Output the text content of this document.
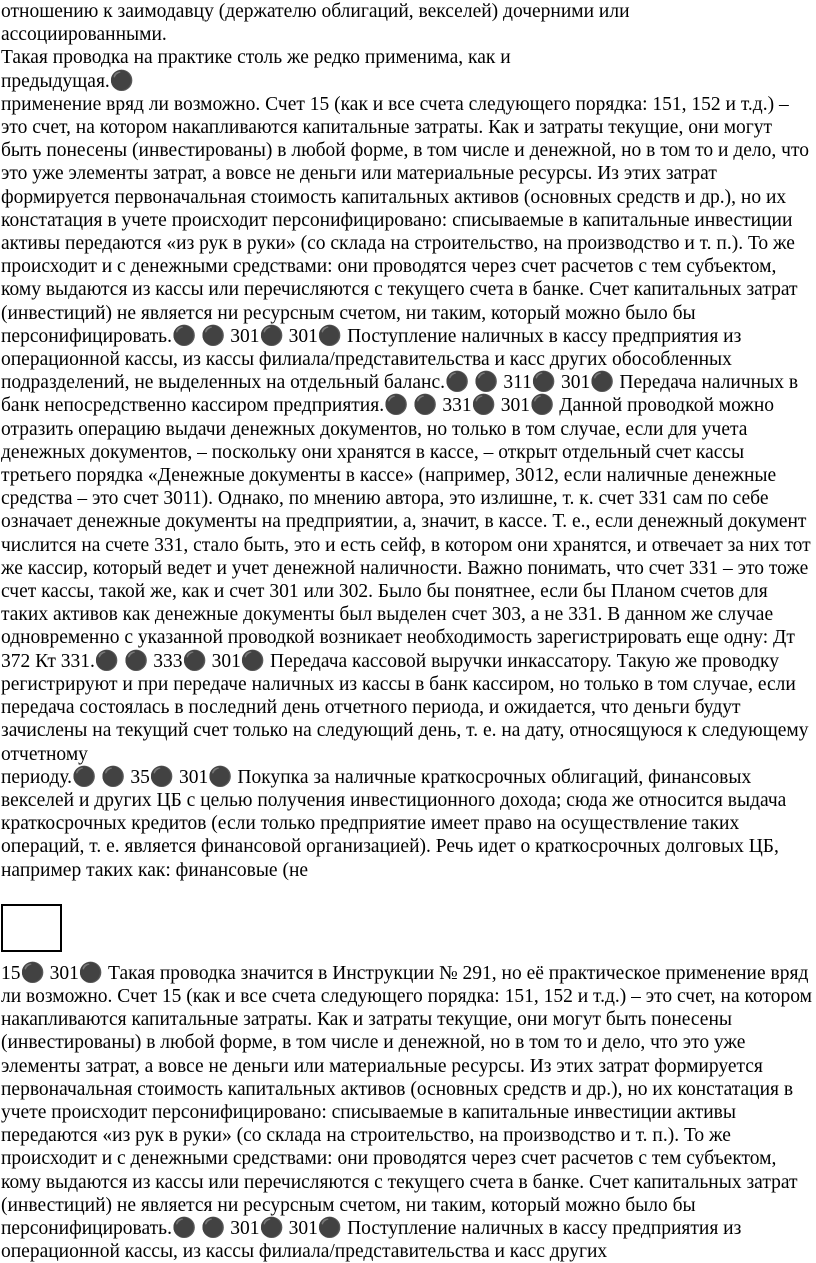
отношению к заимодавцу (держателю облигаций, векселей) дочерними или

ассоциированными.

Такая проводка на практике столь же редко применима, как и

предыдущая.⚫

применение вряд ли возможно. Счет 15 (как и все счета следующего порядка: 151, 152 и т.д.) – это счет, на котором накапливаются капитальные затраты. Как и затраты текущие, они могут быть понесены (инвестированы) в любой форме, в том числе и денежной, но в том то и дело, что это уже элементы затрат, а вовсе не деньги или материальные ресурсы. Из этих затрат формируется первоначальная стоимость капитальных активов (основных средств и др.), но их констатация в учете происходит персонифицировано: списываемые в капитальные инвестиции активы передаются «из рук в руки» (со склада на строительство, на производство и т. п.). То же происходит и с денежными средствами: они проводятся через счет расчетов с тем субъектом, кому выдаются из кассы или перечисляются с текущего счета в банке. Счет капитальных затрат (инвестиций) не является ни ресурсным счетом, ни таким, который можно было бы персонифицировать.⚫ ⚫ 301⚫ 301⚫ Поступление наличных в кассу предприятия из операционной кассы, из кассы филиала/представительства и касс других обособленных подразделений, не выделенных на отдельный баланс.⚫ ⚫ 311⚫ 301⚫ Передача наличных в банк непосредственно кассиром предприятия.⚫ ⚫ 331⚫ 301⚫ Данной проводкой можно отразить операцию выдачи денежных документов, но только в том случае, если для учета денежных документов, – поскольку они хранятся в кассе, – открыт отдельный счет кассы третьего порядка «Денежные документы в кассе» (например, 3012, если наличные денежные средства – это счет 3011). Однако, по мнению автора, это излишне, т. к. счет 331 сам по себе означает денежные документы на предприятии, а, значит, в кассе. Т. е., если денежный документ числится на счете 331, стало быть, это и есть сейф, в котором они хранятся, и отвечает за них тот же кассир, который ведет и учет денежной наличности. Важно понимать, что счет 331 – это тоже счет кассы, такой же, как и счет 301 или 302. Было бы понятнее, если бы Планом счетов для таких активов как денежные документы был выделен счет 303, а не 331. В данном же случае одновременно с указанной проводкой возникает необходимость зарегистрировать еще одну: Дт 372 Кт 331.⚫ ⚫ 333⚫ 301⚫ Передача кассовой выручки инкассатору. Такую же проводку регистрируют и при передаче наличных из кассы в банк кассиром, но только в том случае, если передача состоялась в последний день отчетного периода, и ожидается, что деньги будут зачислены на текущий счет только на следующий день, т. е. на дату, относящуюся к следующему отчетному

периоду.⚫ ⚫ 35⚫ 301⚫ Покупка за наличные краткосрочных облигаций, финансовых векселей и других ЦБ с целью получения инвестиционного дохода; сюда же относится выдача краткосрочных кредитов (если только предприятие имеет право на осуществление таких операций, т. е. является финансовой организацией). Речь идет о краткосрочных долговых ЦБ, например таких как: финансовые (не

15⚫ 301⚫ Такая проводка значится в Инструкции № 291, но её практическое применение вряд ли возможно. Счет 15 (как и все счета следующего порядка: 151, 152 и т.д.) – это счет, на котором накапливаются капитальные затраты. Как и затраты текущие, они могут быть понесены (инвестированы) в любой форме, в том числе и денежной, но в том то и дело, что это уже элементы затрат, а вовсе не деньги или материальные ресурсы. Из этих затрат формируется первоначальная стоимость капитальных активов (основных средств и др.), но их констатация в учете происходит персонифицировано: списываемые в капитальные инвестиции активы передаются «из рук в руки» (со склада на строительство, на производство и т. п.). То же происходит и с денежными средствами: они проводятся через счет расчетов с тем субъектом, кому выдаются из кассы или перечисляются с текущего счета в банке. Счет капитальных затрат (инвестиций) не является ни ресурсным счетом, ни таким, который можно было бы персонифицировать.⚫ ⚫ 301⚫ 301⚫ Поступление наличных в кассу предприятия из операционной кассы, из кассы филиала/представительства и касс других
